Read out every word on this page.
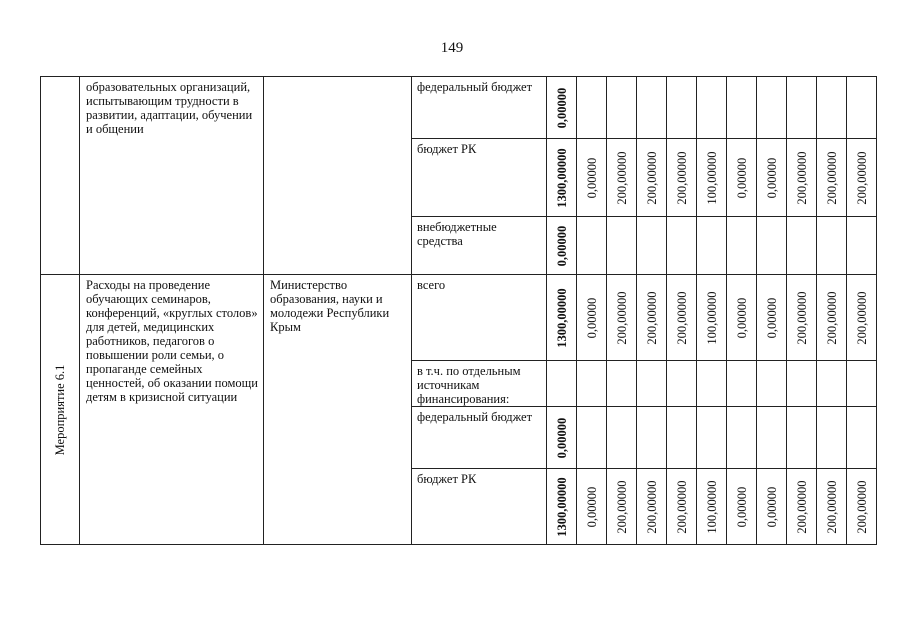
149

	образовательных организаций, испытывающим трудности в развитии, адаптации, обучении и общении		федеральный бюджет	0,00000										

			бюджет РК	1300,00000	0,00000	200,00000	200,00000	200,00000	100,00000	0,00000	0,00000	200,00000	200,00000	200,00000

			внебюджетные средства	0,00000										

Мероприятие 6.1	Расходы на проведение обучающих семинаров, конференций, «круглых столов» для детей, медицинских работников, педагогов о повышении роли семьи, о пропаганде семейных ценностей, об оказании помощи детям в кризисной ситуации	Министерство образования, науки и молодежи Республики Крым	всего	1300,00000	0,00000	200,00000	200,00000	200,00000	100,00000	0,00000	0,00000	200,00000	200,00000	200,00000

			в т.ч. по отдельным источникам финансирования:											

			федеральный бюджет	0,00000										

			бюджет РК	1300,00000	0,00000	200,00000	200,00000	200,00000	100,00000	0,00000	0,00000	200,00000	200,00000	200,00000
